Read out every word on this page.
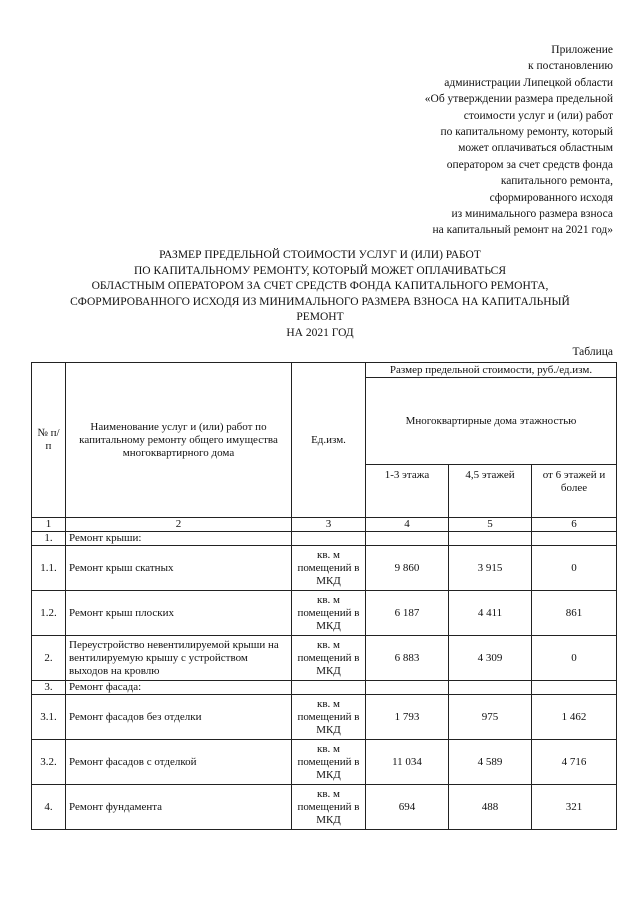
Приложение
к постановлению
администрации Липецкой области
«Об утверждении размера предельной
стоимости услуг и (или) работ
по капитальному ремонту, который
может оплачиваться областным
оператором за счет средств фонда
капитального ремонта,
сформированного исходя
из минимального размера взноса
на капитальный ремонт на 2021 год»
РАЗМЕР ПРЕДЕЛЬНОЙ СТОИМОСТИ УСЛУГ И (ИЛИ) РАБОТ
ПО КАПИТАЛЬНОМУ РЕМОНТУ, КОТОРЫЙ МОЖЕТ ОПЛАЧИВАТЬСЯ
ОБЛАСТНЫМ ОПЕРАТОРОМ ЗА СЧЕТ СРЕДСТВ ФОНДА КАПИТАЛЬНОГО РЕМОНТА,
СФОРМИРОВАННОГО ИСХОДЯ ИЗ МИНИМАЛЬНОГО РАЗМЕРА ВЗНОСА НА КАПИТАЛЬНЫЙ
РЕМОНТ
НА 2021 ГОД
Таблица
№ п/п	Наименование услуг и (или) работ по капитальному ремонту общего имущества многоквартирного дома	Ед.изм.	Размер предельной стоимости, руб./ед.изм.		
			Многоквартирные дома этажностью		
			1-3 этажа	4,5 этажей	от 6 этажей и более
1	2	3	4	5	6
1.	Ремонт крыши:				
1.1.	Ремонт крыш скатных	кв. м помещений в МКД	9 860	3 915	0
1.2.	Ремонт крыш плоских	кв. м помещений в МКД	6 187	4 411	861
2.	Переустройство невентилируемой крыши на вентилируемую крышу с устройством выходов на кровлю	кв. м помещений в МКД	6 883	4 309	0
3.	Ремонт фасада:				
3.1.	Ремонт фасадов без отделки	кв. м помещений в МКД	1 793	975	1 462
3.2.	Ремонт фасадов с отделкой	кв. м помещений в МКД	11 034	4 589	4 716
4.	Ремонт фундамента	кв. м помещений в МКД	694	488	321
